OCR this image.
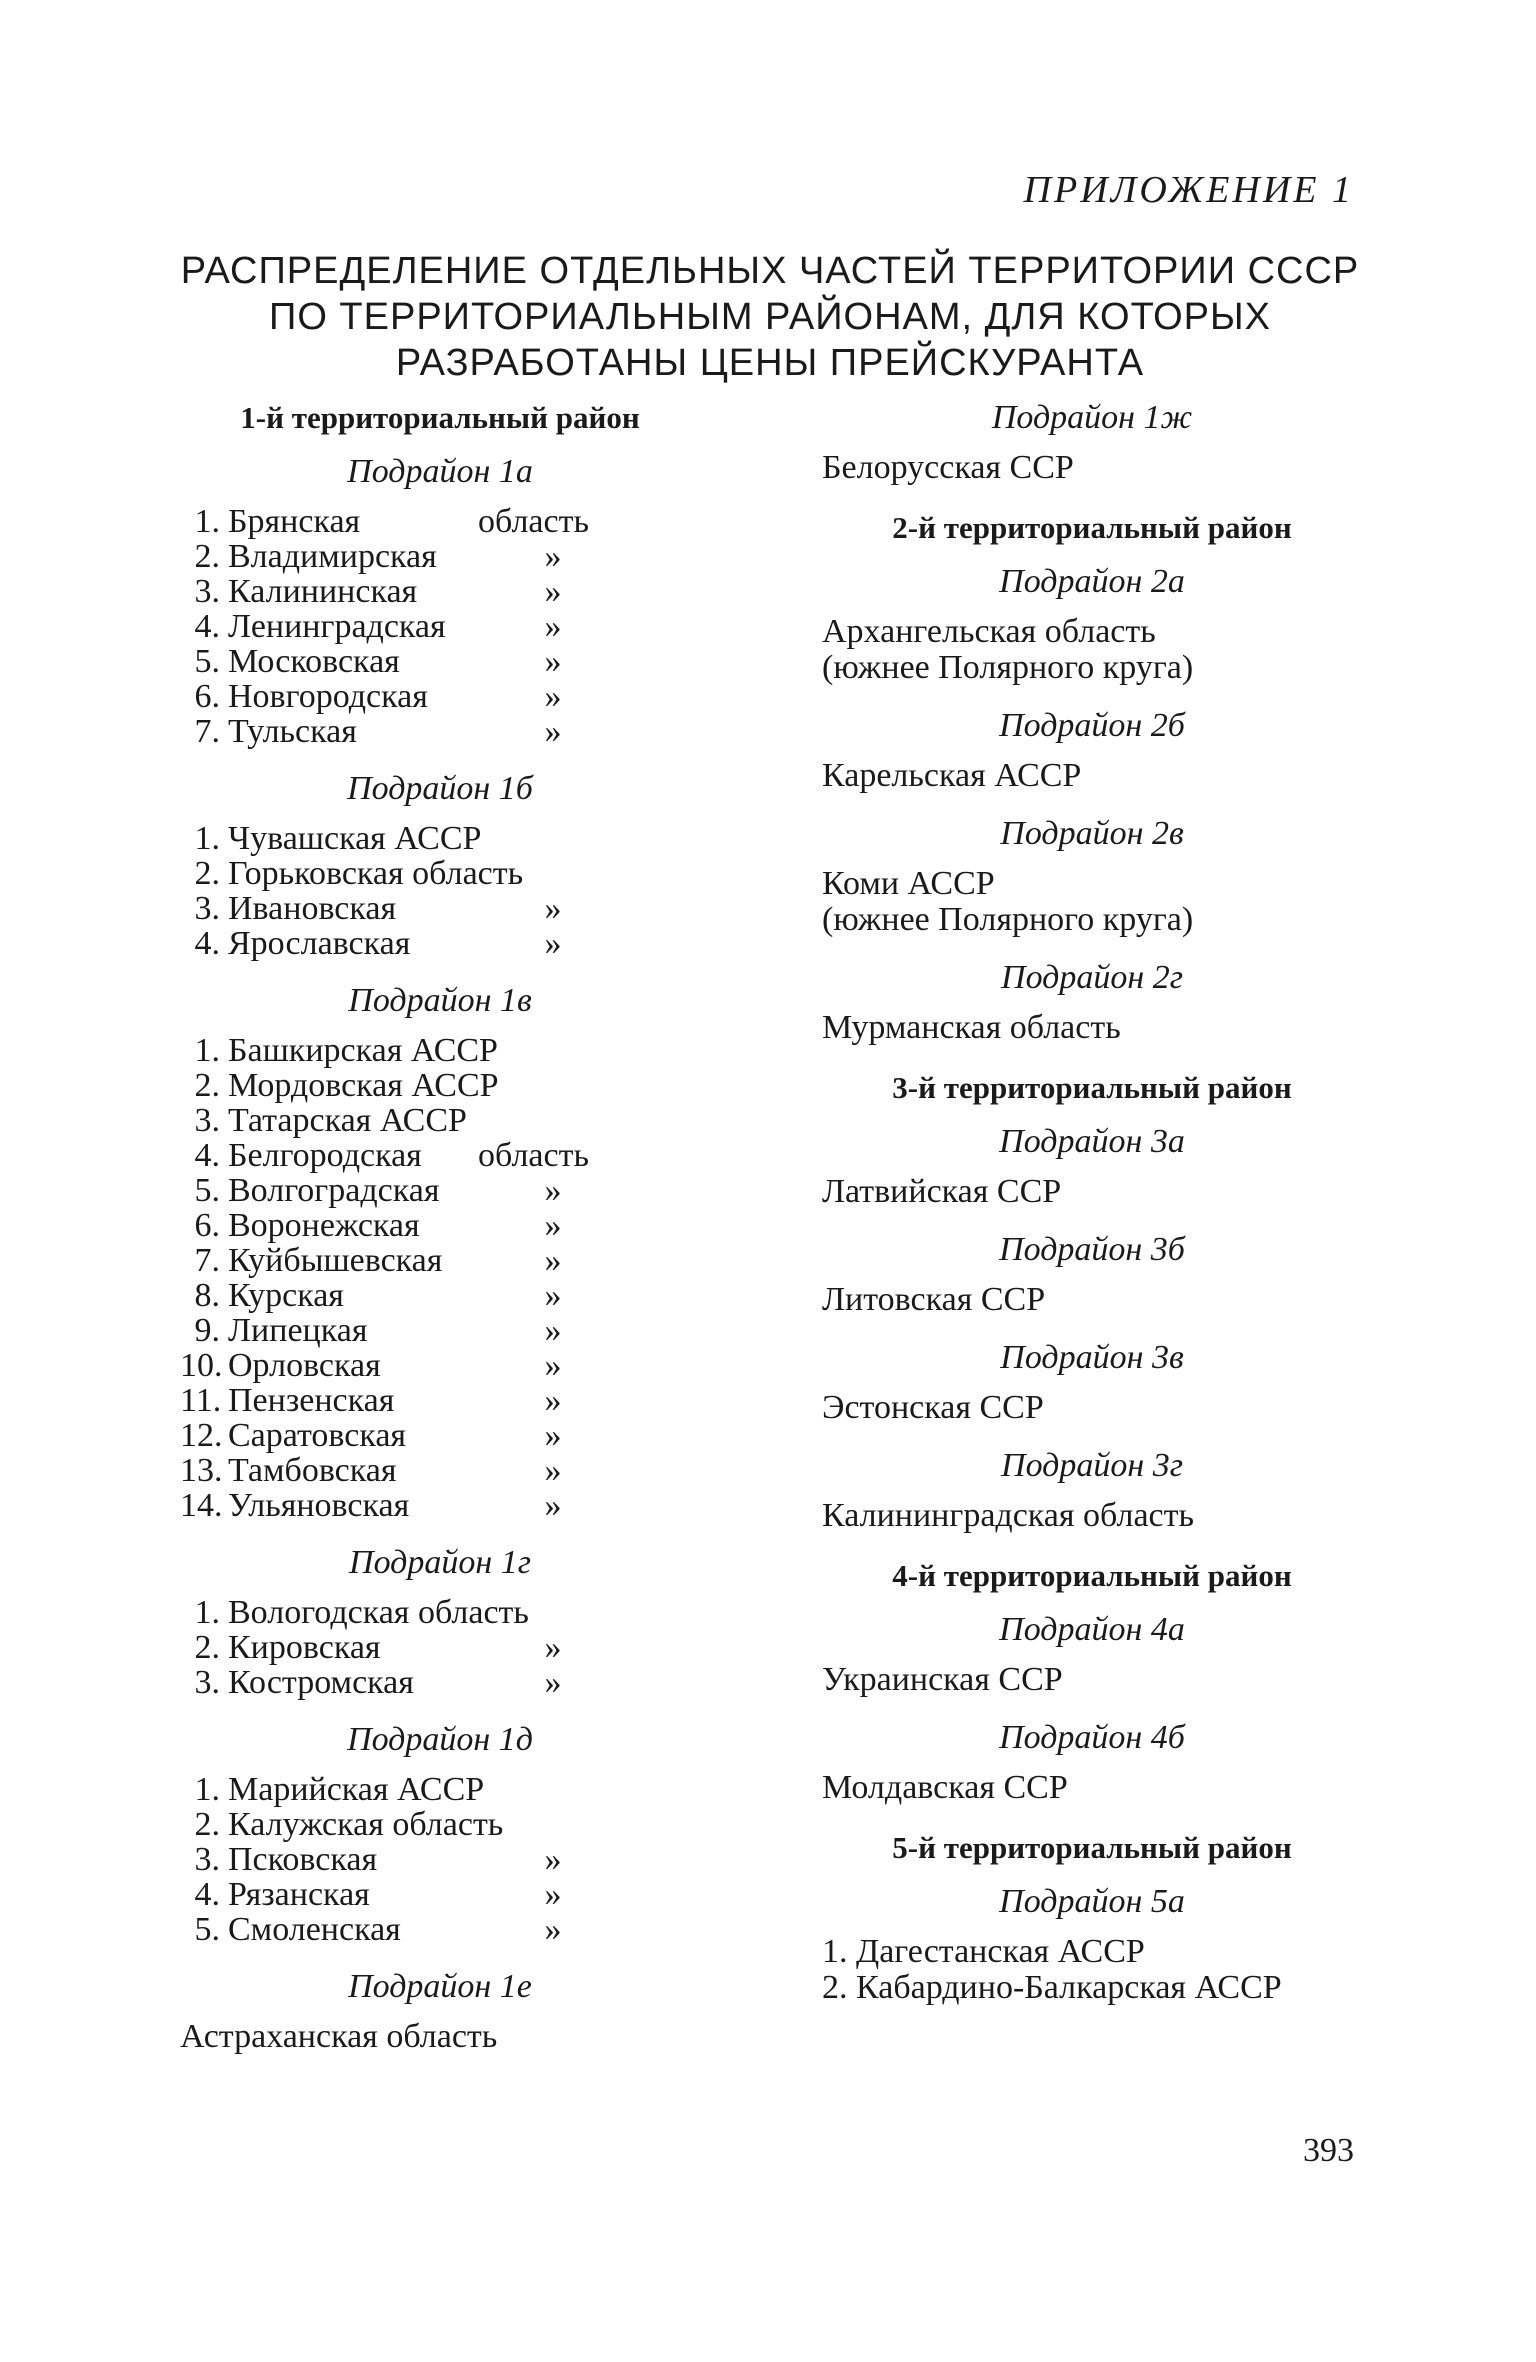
ПРИЛОЖЕНИЕ 1
РАСПРЕДЕЛЕНИЕ ОТДЕЛЬНЫХ ЧАСТЕЙ ТЕРРИТОРИИ СССР
ПО ТЕРРИТОРИАЛЬНЫМ РАЙОНАМ, ДЛЯ КОТОРЫХ
РАЗРАБОТАНЫ ЦЕНЫ ПРЕЙСКУРАНТА
1-й территориальный район
Подрайон 1а
1. Брянская	область
2. Владимирская	»
3. Калининская	»
4. Ленинградская	»
5. Московская	»
6. Новгородская	»
7. Тульская	»
Подрайон 1б
1. Чувашская АССР
2. Горьковская область
3. Ивановская	»
4. Ярославская	»
Подрайон 1в
1. Башкирская АССР
2. Мордовская АССР
3. Татарская АССР
4. Белгородская	область
5. Волгоградская	»
6. Воронежская	»
7. Куйбышевская	»
8. Курская	»
9. Липецкая	»
10. Орловская	»
11. Пензенская	»
12. Саратовская	»
13. Тамбовская	»
14. Ульяновская	»
Подрайон 1г
1. Вологодская область
2. Кировская	»
3. Костромская	»
Подрайон 1д
1. Марийская АССР
2. Калужская область
3. Псковская	»
4. Рязанская	»
5. Смоленская	»
Подрайон 1е
Астраханская область
Подрайон 1ж
Белорусская ССР
2-й территориальный район
Подрайон 2а
Архангельская область
(южнее Полярного круга)
Подрайон 2б
Карельская АССР
Подрайон 2в
Коми АССР
(южнее Полярного круга)
Подрайон 2г
Мурманская область
3-й территориальный район
Подрайон 3а
Латвийская ССР
Подрайон 3б
Литовская ССР
Подрайон 3в
Эстонская ССР
Подрайон 3г
Калининградская область
4-й территориальный район
Подрайон 4а
Украинская ССР
Подрайон 4б
Молдавская ССР
5-й территориальный район
Подрайон 5а
1. Дагестанская АССР
2. Кабардино-Балкарская АССР
393
